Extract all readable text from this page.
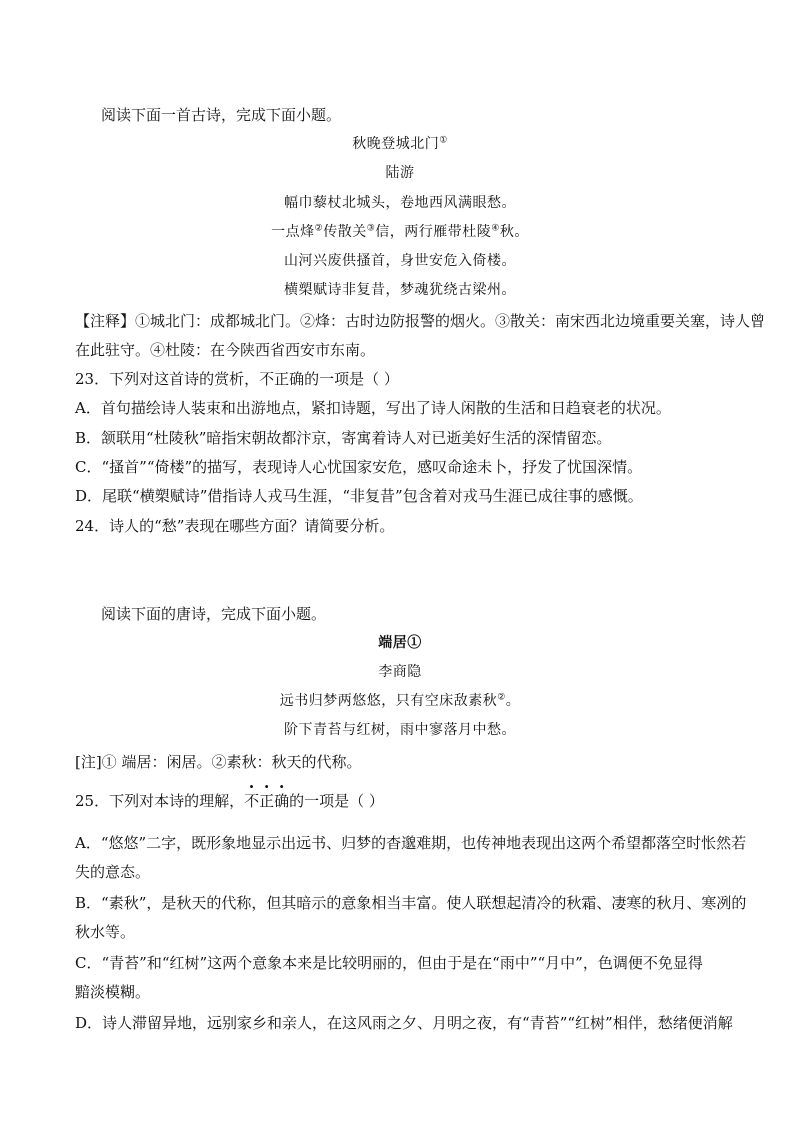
阅读下面一首古诗，完成下面小题。
秋晚登城北门①
陆游
幅巾藜杖北城头，卷地西风满眼愁。
一点烽②传散关③信，两行雁带杜陵④秋。
山河兴废供搔首，身世安危入倚楼。
横槊赋诗非复昔，梦魂犹绕古梁州。
【注释】①城北门：成都城北门。②烽：古时边防报警的烟火。③散关：南宋西北边境重要关塞，诗人曾
在此驻守。④杜陵：在今陕西省西安市东南。
23．下列对这首诗的赏析，不正确的一项是（ ）
A．首句描绘诗人装束和出游地点，紧扣诗题，写出了诗人闲散的生活和日趋衰老的状况。
B．颔联用“杜陵秋”暗指宋朝故都汴京，寄寓着诗人对已逝美好生活的深情留恋。
C．“搔首”“倚楼”的描写，表现诗人心忧国家安危，感叹命途未卜，抒发了忧国深情。
D．尾联“横槊赋诗”借指诗人戎马生涯，“非复昔”包含着对戎马生涯已成往事的感慨。
24．诗人的“愁”表现在哪些方面？请简要分析。
阅读下面的唐诗，完成下面小题。
端居①
李商隐
远书归梦两悠悠，只有空床敌素秋②。
阶下青苔与红树，雨中寥落月中愁。
[注]① 端居：闲居。②素秋：秋天的代称。
25．下列对本诗的理解，不正确的一项是（ ）
A．“悠悠”二字，既形象地显示出远书、归梦的杳邈难期，也传神地表现出这两个希望都落空时怅然若
失的意态。
B．“素秋”，是秋天的代称，但其暗示的意象相当丰富。使人联想起清冷的秋霜、凄寒的秋月、寒冽的
秋水等。
C．“青苔”和“红树”这两个意象本来是比较明丽的，但由于是在“雨中”“月中”，色调便不免显得
黯淡模糊。
D．诗人滞留异地，远别家乡和亲人，在这风雨之夕、月明之夜，有“青苔”“红树”相伴，愁绪便消解
